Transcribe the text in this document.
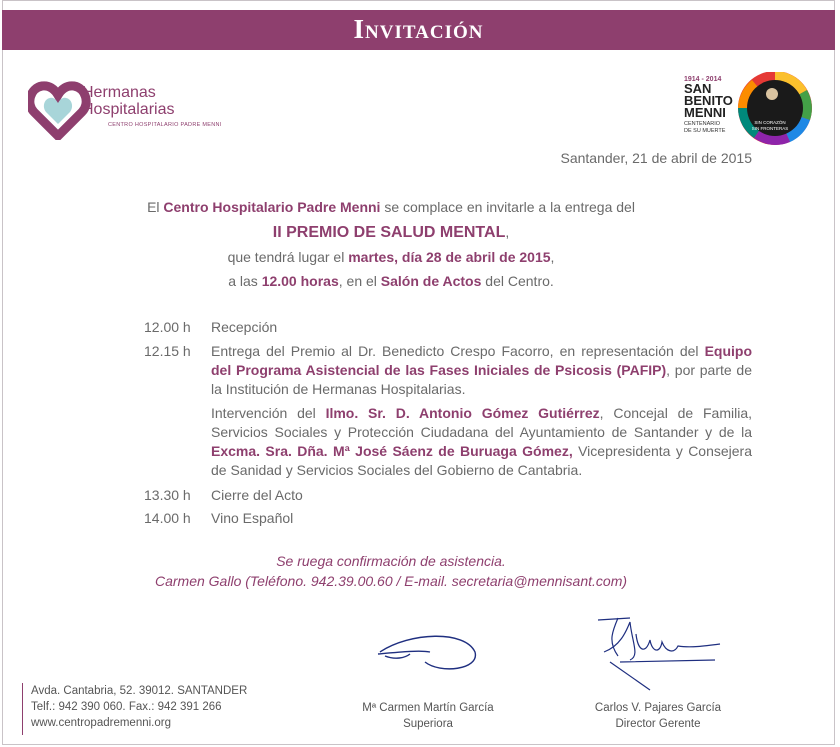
Invitación
Hermanas
Hospitalarias
CENTRO HOSPITALARIO PADRE MENNI
1914 - 2014
SAN
BENITO
MENNI
CENTENARIO
DE SU MUERTE
SIN CORAZÓN
SIN FRONTERAS
Santander, 21 de abril de 2015
El Centro Hospitalario Padre Menni se complace en invitarle a la entrega del
II PREMIO DE SALUD MENTAL,
que tendrá lugar el martes, día 28 de abril de 2015,
a las 12.00 horas, en el Salón de Actos del Centro.
12.00 h	Recepción
12.15 h	Entrega del Premio al Dr. Benedicto Crespo Facorro, en representación del Equipo del Programa Asistencial de las Fases Iniciales de Psicosis (PAFIP), por parte de la Institución de Hermanas Hospitalarias.
Intervención del Ilmo. Sr. D. Antonio Gómez Gutiérrez, Concejal de Familia, Servicios Sociales y Protección Ciudadana del Ayuntamiento de Santander y de la Excma. Sra. Dña. Mª José Sáenz de Buruaga Gómez, Vicepresidenta y Consejera de Sanidad y Servicios Sociales del Gobierno de Cantabria.
13.30 h	Cierre del Acto
14.00 h	Vino Español
Se ruega confirmación de asistencia.
Carmen Gallo (Teléfono. 942.39.00.60 / E-mail. secretaria@mennisant.com)
Avda. Cantabria, 52. 39012. SANTANDER
Telf.: 942 390 060. Fax.: 942 391 266
www.centropadremenni.org
Mª Carmen Martín García
Superiora
Carlos V. Pajares García
Director Gerente
